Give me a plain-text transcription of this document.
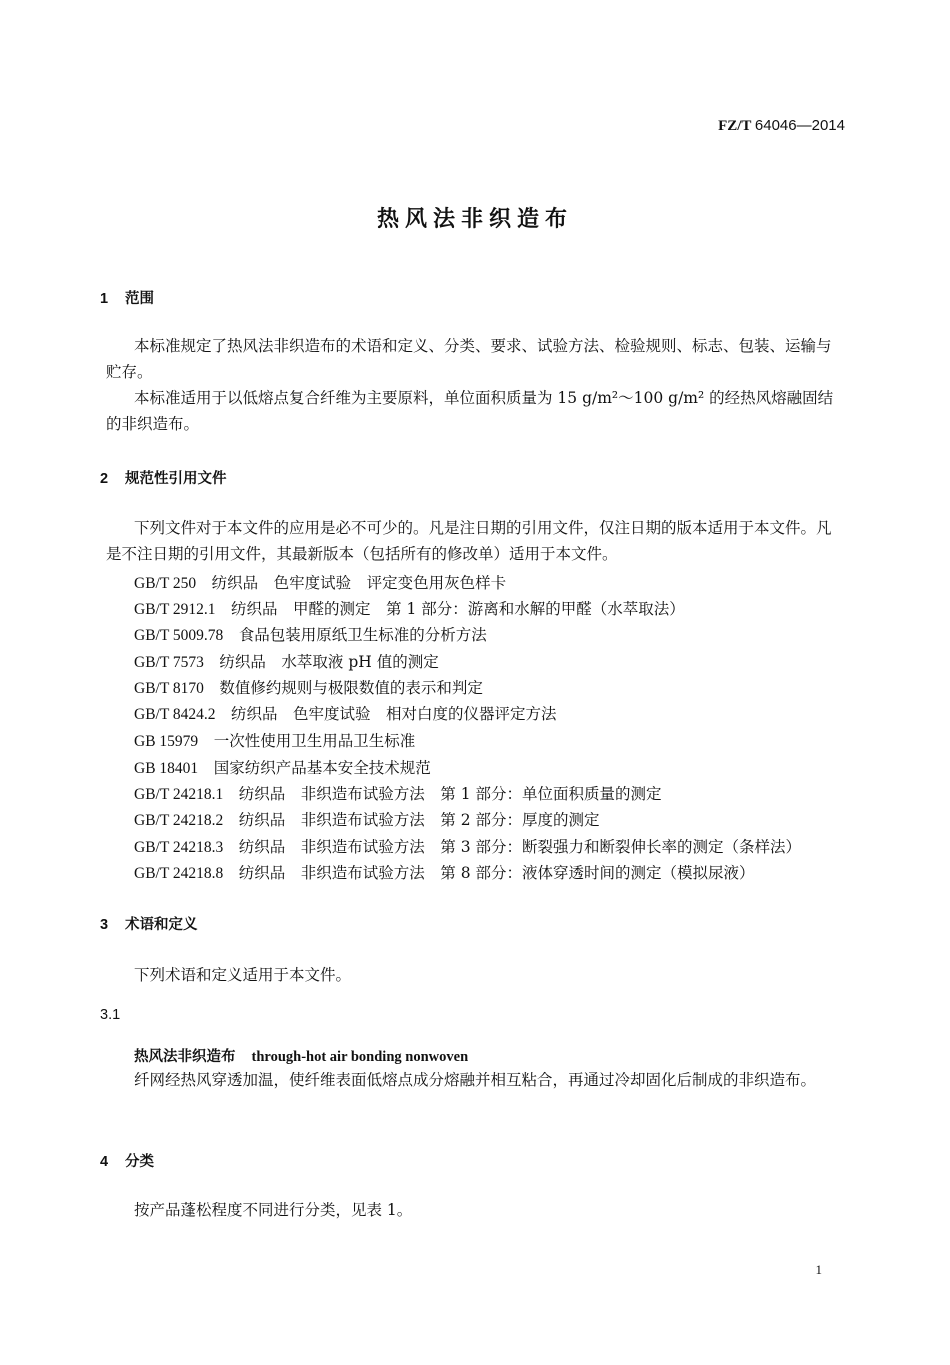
FZ/T 64046—2014
热风法非织造布
1 范围
本标准规定了热风法非织造布的术语和定义、分类、要求、试验方法、检验规则、标志、包装、运输与贮存。
本标准适用于以低熔点复合纤维为主要原料，单位面积质量为 15 g/m²～100 g/m² 的经热风熔融固结的非织造布。
2 规范性引用文件
下列文件对于本文件的应用是必不可少的。凡是注日期的引用文件，仅注日期的版本适用于本文件。凡是不注日期的引用文件，其最新版本（包括所有的修改单）适用于本文件。
GB/T 250　 纺织品　色牢度试验　评定变色用灰色样卡
GB/T 2912.1　 纺织品　甲醛的测定　第 1 部分：游离和水解的甲醛（水萃取法）
GB/T 5009.78　 食品包装用原纸卫生标准的分析方法
GB/T 7573　 纺织品　水萃取液 pH 值的测定
GB/T 8170　 数值修约规则与极限数值的表示和判定
GB/T 8424.2　 纺织品　色牢度试验　相对白度的仪器评定方法
GB 15979　 一次性使用卫生用品卫生标准
GB 18401　 国家纺织产品基本安全技术规范
GB/T 24218.1　 纺织品　非织造布试验方法　第 1 部分：单位面积质量的测定
GB/T 24218.2　 纺织品　非织造布试验方法　第 2 部分：厚度的测定
GB/T 24218.3　 纺织品　非织造布试验方法　第 3 部分：断裂强力和断裂伸长率的测定（条样法）
GB/T 24218.8　 纺织品　非织造布试验方法　第 8 部分：液体穿透时间的测定（模拟尿液）
3 术语和定义
下列术语和定义适用于本文件。
3.1
热风法非织造布 through-hot air bonding nonwoven
纤网经热风穿透加温，使纤维表面低熔点成分熔融并相互粘合，再通过冷却固化后制成的非织造布。
4 分类
按产品蓬松程度不同进行分类，见表 1。
1
